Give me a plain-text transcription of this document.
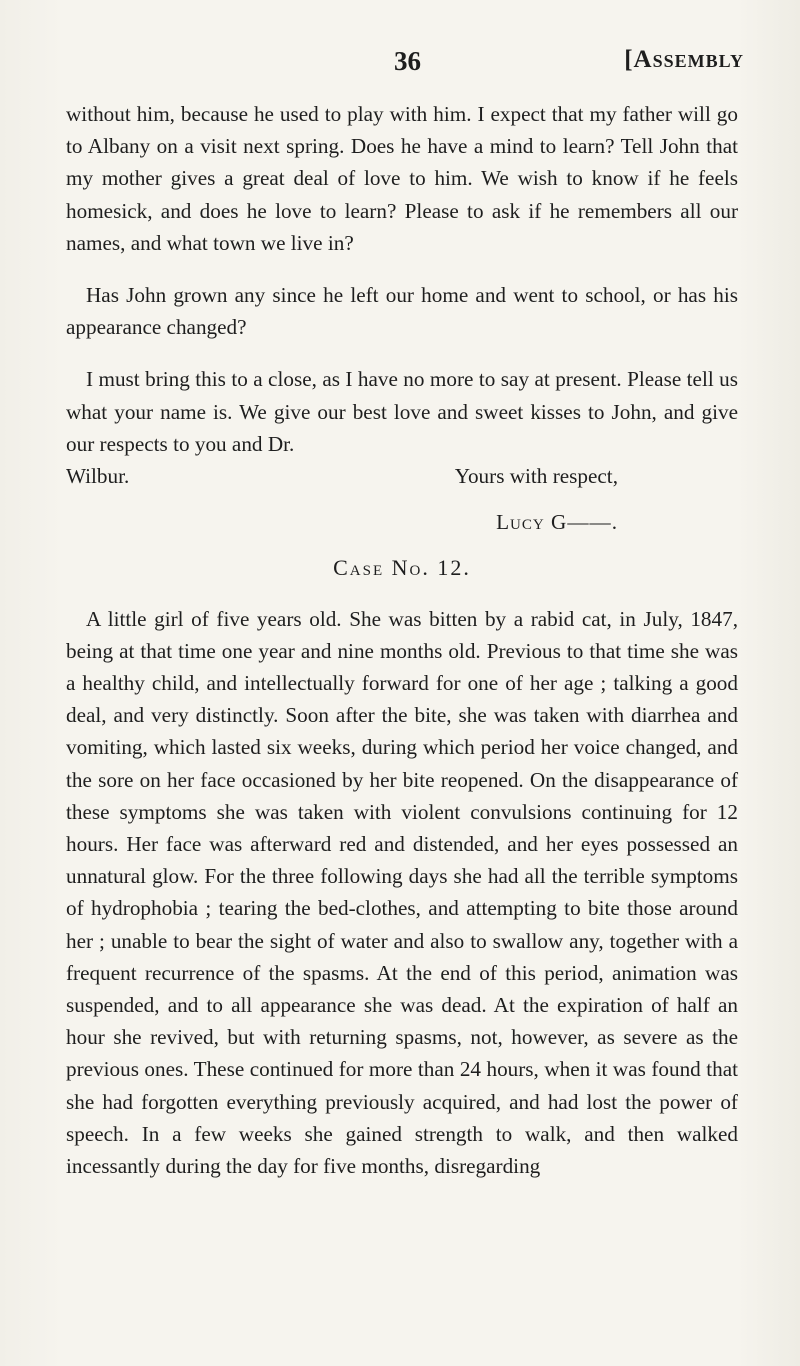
36	[Assembly

without him, because he used to play with him. I expect that my father will go to Albany on a visit next spring. Does he have a mind to learn? Tell John that my mother gives a great deal of love to him. We wish to know if he feels homesick, and does he love to learn? Please to ask if he remembers all our names, and what town we live in?

Has John grown any since he left our home and went to school, or has his appearance changed?

I must bring this to a close, as I have no more to say at present. Please tell us what your name is. We give our best love and sweet kisses to John, and give our respects to you and Dr.

Wilbur.	Yours with respect,

Lucy G——.

Case No. 12.

A little girl of five years old. She was bitten by a rabid cat, in July, 1847, being at that time one year and nine months old. Previous to that time she was a healthy child, and intellectually forward for one of her age ; talking a good deal, and very distinctly. Soon after the bite, she was taken with diarrhea and vomiting, which lasted six weeks, during which period her voice changed, and the sore on her face occasioned by her bite reopened. On the disappearance of these symptoms she was taken with violent convulsions continuing for 12 hours. Her face was afterward red and distended, and her eyes possessed an unnatural glow. For the three following days she had all the terrible symptoms of hydrophobia ; tearing the bed-clothes, and attempting to bite those around her ; unable to bear the sight of water and also to swallow any, together with a frequent recurrence of the spasms. At the end of this period, animation was suspended, and to all appearance she was dead. At the expiration of half an hour she revived, but with returning spasms, not, however, as severe as the previous ones. These continued for more than 24 hours, when it was found that she had forgotten everything previously acquired, and had lost the power of speech. In a few weeks she gained strength to walk, and then walked incessantly during the day for five months, disregarding
